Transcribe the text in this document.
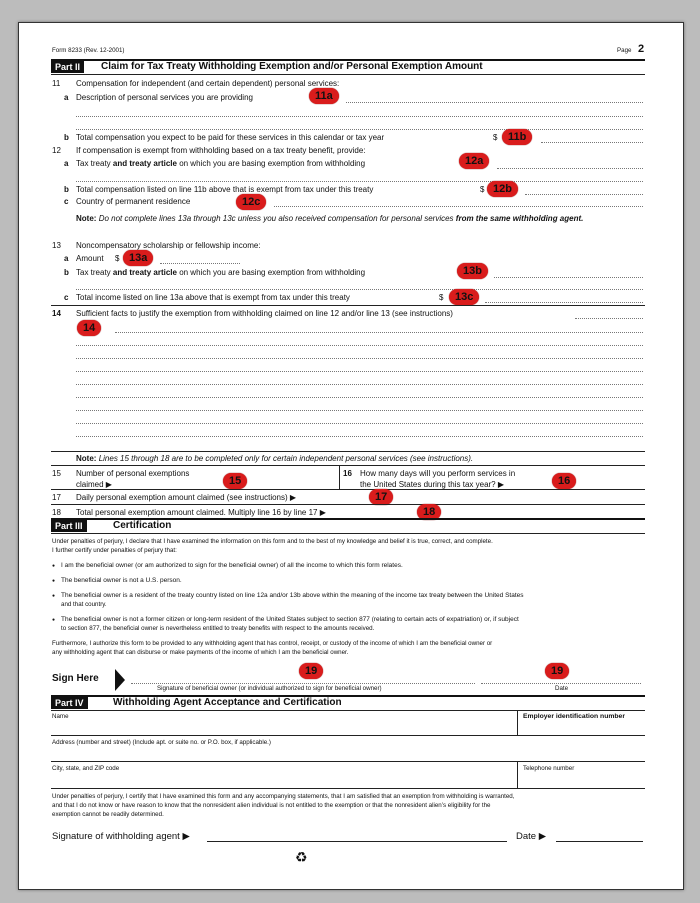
Form 8233 (Rev. 12-2001)	Page 2
Part II	Claim for Tax Treaty Withholding Exemption and/or Personal Exemption Amount
11 Compensation for independent (and certain dependent) personal services:
a Description of personal services you are providing	11a
b Total compensation you expect to be paid for these services in this calendar or tax year	$ 11b
12 If compensation is exempt from withholding based on a tax treaty benefit, provide:
a Tax treaty and treaty article on which you are basing exemption from withholding	12a
b Total compensation listed on line 11b above that is exempt from tax under this treaty	$ 12b
c Country of permanent residence	12c
Note: Do not complete lines 13a through 13c unless you also received compensation for personal services from the same withholding agent.
13 Noncompensatory scholarship or fellowship income:
a Amount $ 13a
b Tax treaty and treaty article on which you are basing exemption from withholding	13b
c Total income listed on line 13a above that is exempt from tax under this treaty	$	13c
14 Sufficient facts to justify the exemption from withholding claimed on line 12 and/or line 13 (see instructions)
14
Note: Lines 15 through 18 are to be completed only for certain independent personal services (see instructions).
15 Number of personal exemptions
claimed ▶	15
16 How many days will you perform services in
the United States during this tax year? ▶	16
17 Daily personal exemption amount claimed (see instructions) ▶	17
18 Total personal exemption amount claimed. Multiply line 16 by line 17 ▶	18
Part III	Certification
Under penalties of perjury, I declare that I have examined the information on this form and to the best of my knowledge and belief it is true, correct, and complete.
I further certify under penalties of perjury that:
● I am the beneficial owner (or am authorized to sign for the beneficial owner) of all the income to which this form relates.
● The beneficial owner is not a U.S. person.
● The beneficial owner is a resident of the treaty country listed on line 12a and/or 13b above within the meaning of the income tax treaty between the United States
and that country.
● The beneficial owner is not a former citizen or long-term resident of the United States subject to section 877 (relating to certain acts of expatriation) or, if subject
to section 877, the beneficial owner is nevertheless entitled to treaty benefits with respect to the amounts received.
Furthermore, I authorize this form to be provided to any withholding agent that has control, receipt, or custody of the income of which I am the beneficial owner or
any withholding agent that can disburse or make payments of the income of which I am the beneficial owner.
Sign Here
19	19
Signature of beneficial owner (or individual authorized to sign for beneficial owner)	Date
Part IV	Withholding Agent Acceptance and Certification
Name	Employer identification number
Address (number and street) (Include apt. or suite no. or P.O. box, if applicable.)
City, state, and ZIP code	Telephone number
Under penalties of perjury, I certify that I have examined this form and any accompanying statements, that I am satisfied that an exemption from withholding is warranted,
and that I do not know or have reason to know that the nonresident alien individual is not entitled to the exemption or that the nonresident alien’s eligibility for the
exemption cannot be readily determined.
Signature of withholding agent ▶	Date ▶
♻
